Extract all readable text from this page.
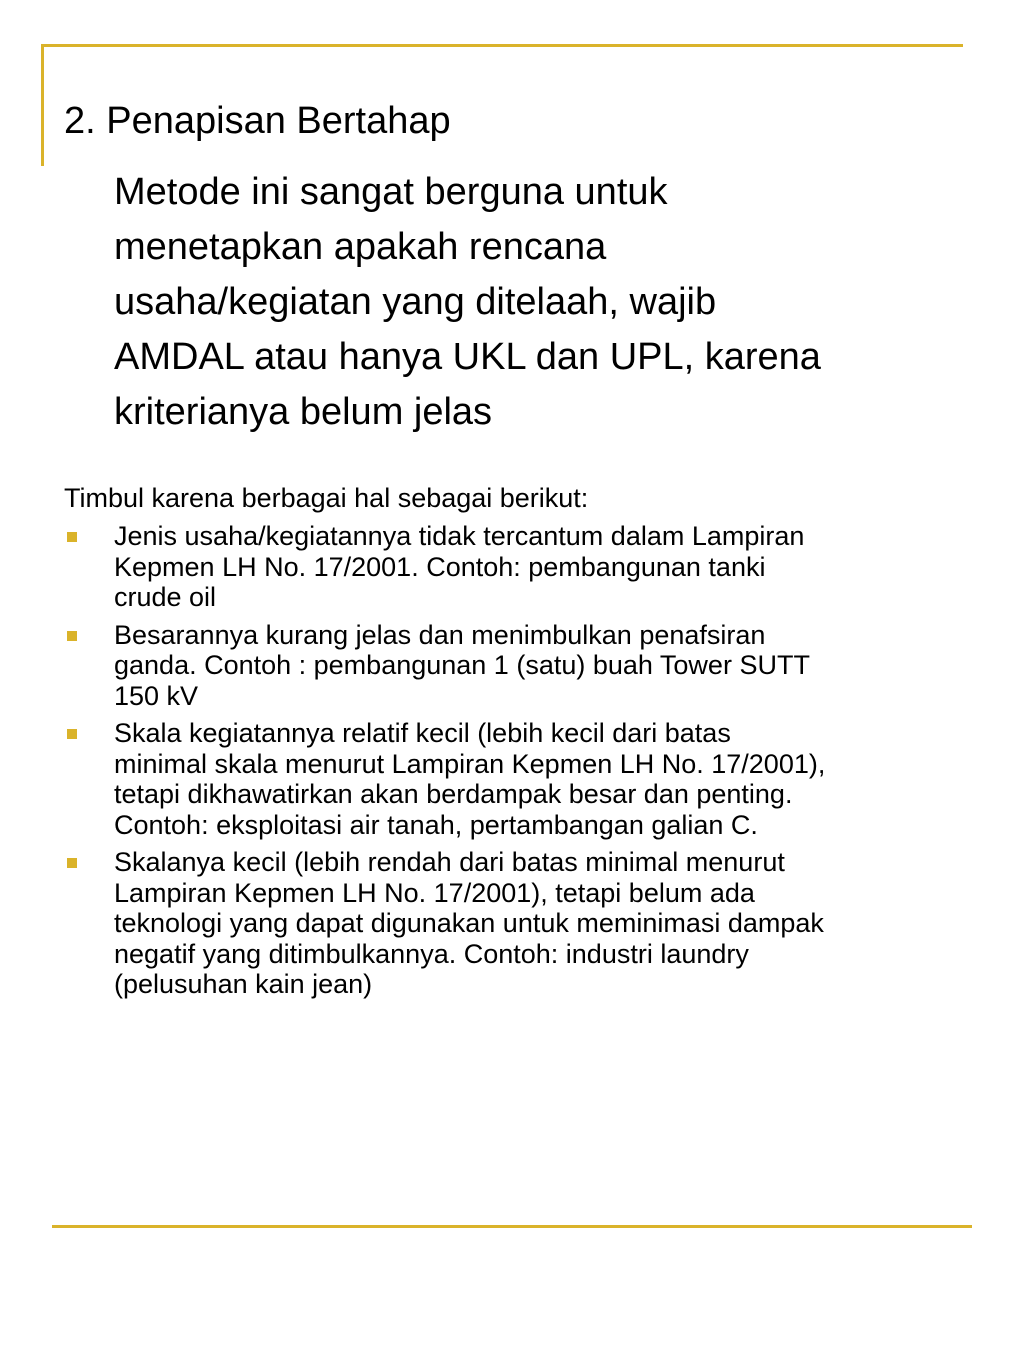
2. Penapisan Bertahap

Metode ini sangat berguna untuk
menetapkan apakah rencana
usaha/kegiatan yang ditelaah, wajib
AMDAL atau hanya UKL dan UPL, karena
kriterianya belum jelas

Timbul karena berbagai hal sebagai berikut:

Jenis usaha/kegiatannya tidak tercantum dalam Lampiran
Kepmen LH No. 17/2001. Contoh: pembangunan tanki
crude oil
Besarannya kurang jelas dan menimbulkan penafsiran
ganda. Contoh : pembangunan 1 (satu) buah Tower SUTT
150 kV
Skala kegiatannya relatif kecil (lebih kecil dari batas
minimal skala menurut Lampiran Kepmen LH No. 17/2001),
tetapi dikhawatirkan akan berdampak besar dan penting.
Contoh: eksploitasi air tanah, pertambangan galian C.
Skalanya kecil (lebih rendah dari batas minimal menurut
Lampiran Kepmen LH No. 17/2001), tetapi belum ada
teknologi yang dapat digunakan untuk meminimasi dampak
negatif yang ditimbulkannya. Contoh: industri laundry
(pelusuhan kain jean)
